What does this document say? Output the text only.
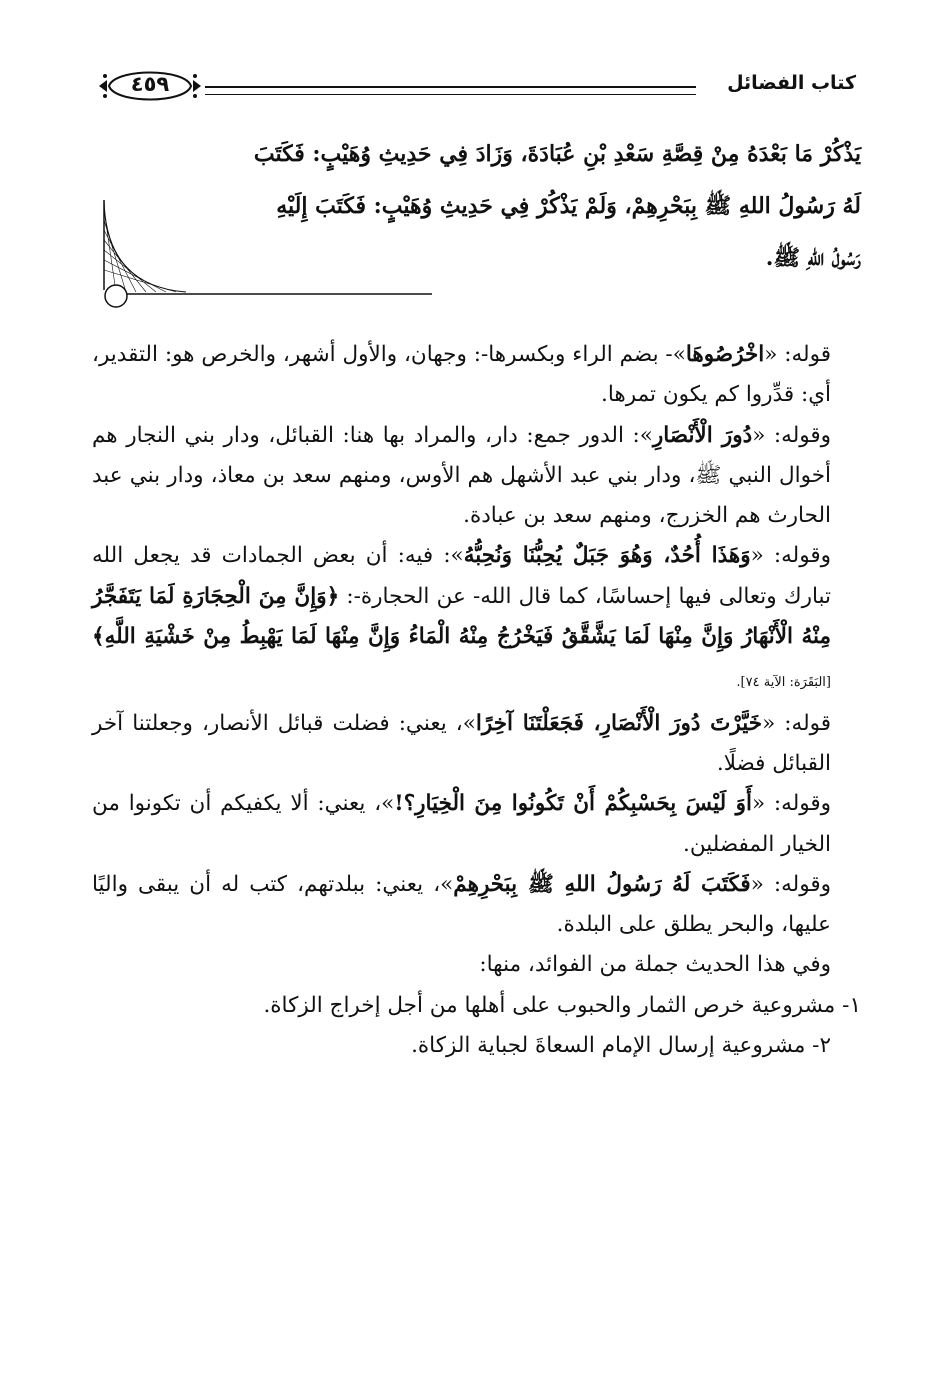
كتاب الفضائل
٤٥٩

يَذْكُرْ مَا بَعْدَهُ مِنْ قِصَّةِ سَعْدِ بْنِ عُبَادَةَ، وَزَادَ فِي حَدِيثِ وُهَيْبٍ: فَكَتَبَ

لَهُ رَسُولُ اللهِ ﷺ بِبَحْرِهِمْ، وَلَمْ يَذْكُرْ فِي حَدِيثِ وُهَيْبٍ: فَكَتَبَ إِلَيْهِ

رَسُولُ اللهِ ﷺ.

قوله: «اخْرُصُوهَا»- بضم الراء وبكسرها-: وجهان، والأول أشهر، والخرص هو: التقدير، أي: قدِّروا كم يكون تمرها.

وقوله: «دُورَ الْأَنْصَارِ»: الدور جمع: دار، والمراد بها هنا: القبائل، ودار بني النجار هم أخوال النبي ﷺ، ودار بني عبد الأشهل هم الأوس، ومنهم سعد بن معاذ، ودار بني عبد الحارث هم الخزرج، ومنهم سعد بن عبادة.

وقوله: «وَهَذَا أُحُدٌ، وَهُوَ جَبَلٌ يُحِبُّنَا وَنُحِبُّهُ»: فيه: أن بعض الجمادات قد يجعل الله تبارك وتعالى فيها إحساسًا، كما قال الله- عن الحجارة-: ﴿وَإِنَّ مِنَ الْحِجَارَةِ لَمَا يَتَفَجَّرُ مِنْهُ الْأَنْهَارُ وَإِنَّ مِنْهَا لَمَا يَشَّقَّقُ فَيَخْرُجُ مِنْهُ الْمَاءُ وَإِنَّ مِنْهَا لَمَا يَهْبِطُ مِنْ خَشْيَةِ اللَّهِ﴾ [البَقَرَة: الآية ٧٤].

قوله: «خَيَّرْتَ دُورَ الْأَنْصَارِ، فَجَعَلْتَنَا آخِرًا»، يعني: فضلت قبائل الأنصار، وجعلتنا آخر القبائل فضلًا.

وقوله: «أَوَ لَيْسَ بِحَسْبِكُمْ أَنْ تَكُونُوا مِنَ الْخِيَارِ؟!»، يعني: ألا يكفيكم أن تكونوا من الخيار المفضلين.

وقوله: «فَكَتَبَ لَهُ رَسُولُ اللهِ ﷺ بِبَحْرِهِمْ»، يعني: ببلدتهم، كتب له أن يبقى واليًا عليها، والبحر يطلق على البلدة.

وفي هذا الحديث جملة من الفوائد، منها:

١- مشروعية خرص الثمار والحبوب على أهلها من أجل إخراج الزكاة.

٢- مشروعية إرسال الإمام السعاةَ لجباية الزكاة.
